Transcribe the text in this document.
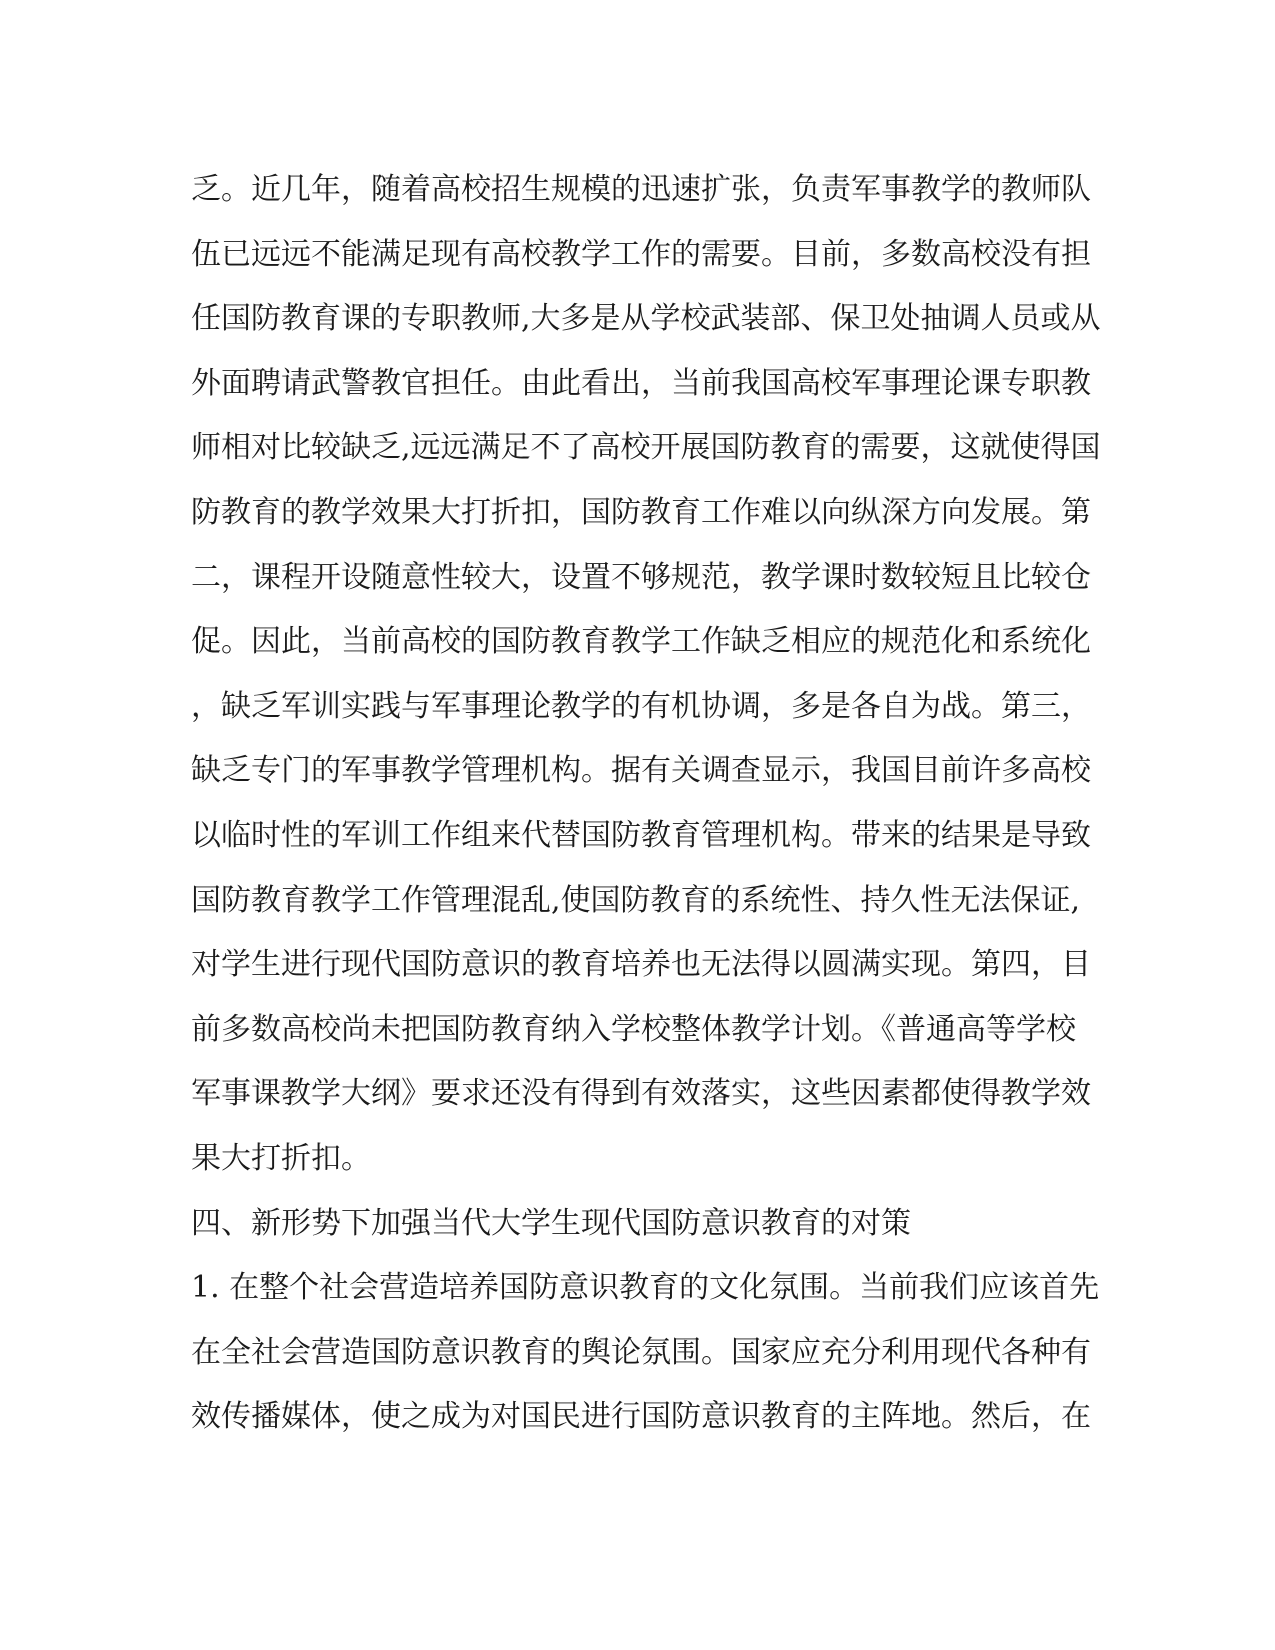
乏。近几年，随着高校招生规模的迅速扩张，负责军事教学的教师队
伍已远远不能满足现有高校教学工作的需要。目前，多数高校没有担
任国防教育课的专职教师,大多是从学校武装部、保卫处抽调人员或从
外面聘请武警教官担任。由此看出，当前我国高校军事理论课专职教
师相对比较缺乏,远远满足不了高校开展国防教育的需要，这就使得国
防教育的教学效果大打折扣，国防教育工作难以向纵深方向发展。第
二，课程开设随意性较大，设置不够规范，教学课时数较短且比较仓
促。因此，当前高校的国防教育教学工作缺乏相应的规范化和系统化
，缺乏军训实践与军事理论教学的有机协调，多是各自为战。第三，
缺乏专门的军事教学管理机构。据有关调查显示，我国目前许多高校
以临时性的军训工作组来代替国防教育管理机构。带来的结果是导致
国防教育教学工作管理混乱,使国防教育的系统性、持久性无法保证,
对学生进行现代国防意识的教育培养也无法得以圆满实现。第四，目
前多数高校尚未把国防教育纳入学校整体教学计划。《普通高等学校
军事课教学大纲》要求还没有得到有效落实，这些因素都使得教学效
果大打折扣。
四、新形势下加强当代大学生现代国防意识教育的对策
1. 在整个社会营造培养国防意识教育的文化氛围。当前我们应该首先
在全社会营造国防意识教育的舆论氛围。国家应充分利用现代各种有
效传播媒体，使之成为对国民进行国防意识教育的主阵地。然后，在
